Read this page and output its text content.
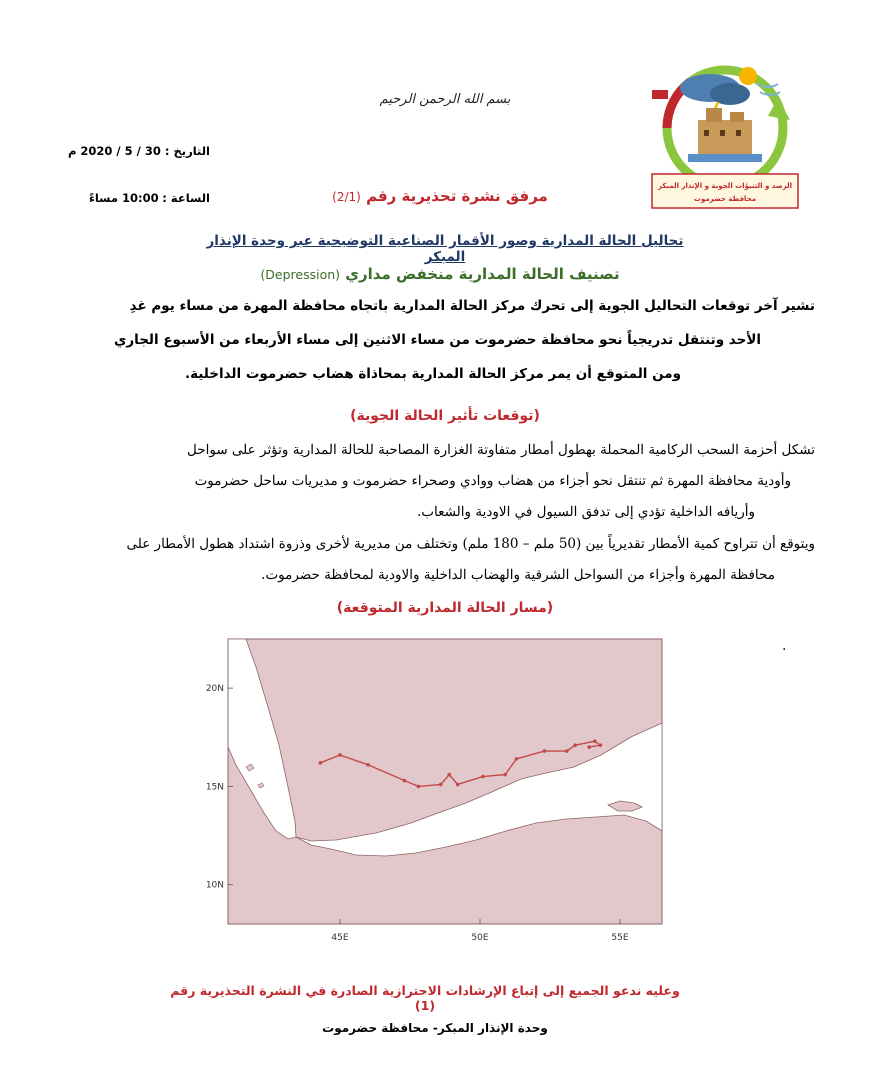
بسم الله الرحمن الرحيم
الرصد و التنبؤات الجوية و الإنذار المبكر
محافظة حضرموت
التاريخ : 30 / 5 / 2020 م
الساعة : 10:00 مساءً	مرفق نشرة تحذيرية رقم (2/1)
تحاليل الحالة المدارية وصور الأقمار الصناعية التوضيحية عبر وحدة الإنذار المبكر
تصنيف الحالة المدارية منخفض مداري (Depression)
تشير آخر توقعات التحاليل الجوية إلى تحرك مركز الحالة المدارية باتجاه محافظة المهرة من مساء يوم غدِ
الأحد وتنتقل تدريجياً نحو محافظة حضرموت من مساء الاثنين إلى مساء الأربعاء من الأسبوع الجاري
ومن المتوقع أن يمر مركز الحالة المدارية بمحاذاة هضاب حضرموت الداخلية.
(توقعات تأثير الحالة الجوية)
تشكل أحزمة السحب الركامية المحملة بهطول أمطار متفاوتة الغزارة المصاحبة للحالة المدارية وتؤثر على سواحل
وأودية محافظة المهرة ثم تنتقل نحو أجزاء من هضاب ووادي وصحراء حضرموت و مديريات ساحل حضرموت
وأريافه الداخلية تؤدي إلى تدفق السيول في الاودية والشعاب.
ويتوقع أن تتراوح كمية الأمطار تقديرياً بين (50 ملم – 180 ملم) وتختلف من مديرية لأخرى وذروة اشتداد هطول الأمطار على
محافظة المهرة وأجزاء من السواحل الشرقية والهضاب الداخلية والاودية لمحافظة حضرموت.
(مسار الحالة المدارية المتوقعة)
.
45E	50E	55E
20N
15N
10N
وعليه ندعو الجميع إلى إتباع الإرشادات الاحترازية الصادرة في النشرة التحذيرية رقم (1)
وحدة الإنذار المبكر- محافظة حضرموت
